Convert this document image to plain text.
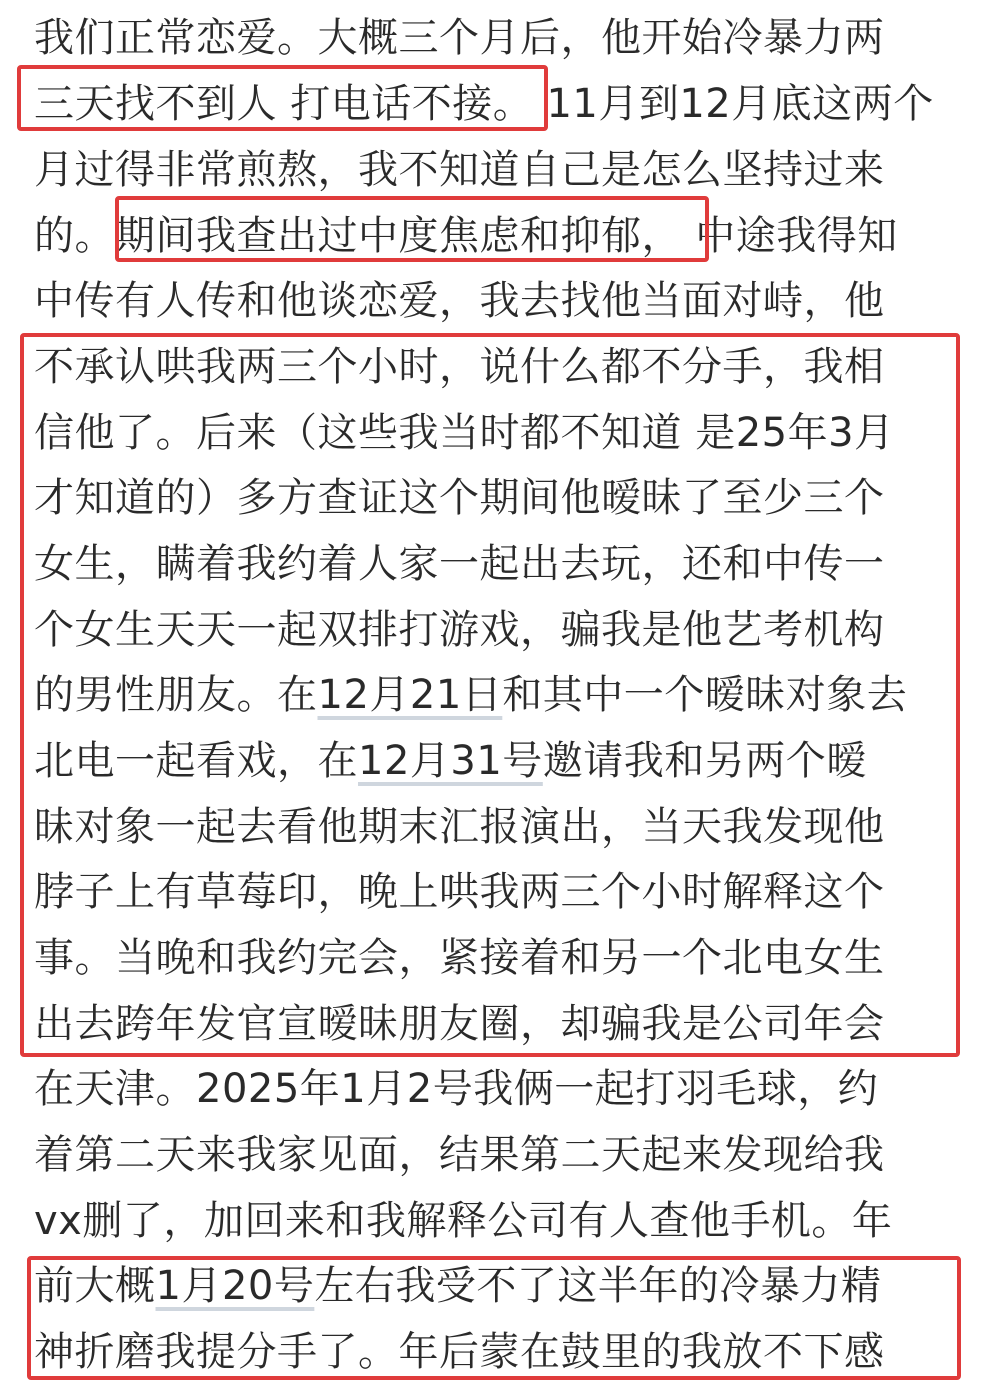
我们正常恋爱。大概三个月后，他开始冷暴力两
三天找不到人 打电话不接。 11月到12月底这两个
月过得非常煎熬，我不知道自己是怎么坚持过来
的。期间我查出过中度焦虑和抑郁， 中途我得知
中传有人传和他谈恋爱，我去找他当面对峙，他
不承认哄我两三个小时，说什么都不分手，我相
信他了。后来（这些我当时都不知道 是25年3月
才知道的）多方查证这个期间他暧昧了至少三个
女生，瞒着我约着人家一起出去玩，还和中传一
个女生天天一起双排打游戏，骗我是他艺考机构
的男性朋友。在12月21日和其中一个暧昧对象去
北电一起看戏，在12月31号邀请我和另两个暧
昧对象一起去看他期末汇报演出，当天我发现他
脖子上有草莓印，晚上哄我两三个小时解释这个
事。当晚和我约完会，紧接着和另一个北电女生
出去跨年发官宣暧昧朋友圈，却骗我是公司年会
在天津。2025年1月2号我俩一起打羽毛球，约
着第二天来我家见面，结果第二天起来发现给我
vx删了，加回来和我解释公司有人查他手机。年
前大概1月20号左右我受不了这半年的冷暴力精
神折磨我提分手了。年后蒙在鼓里的我放不下感
